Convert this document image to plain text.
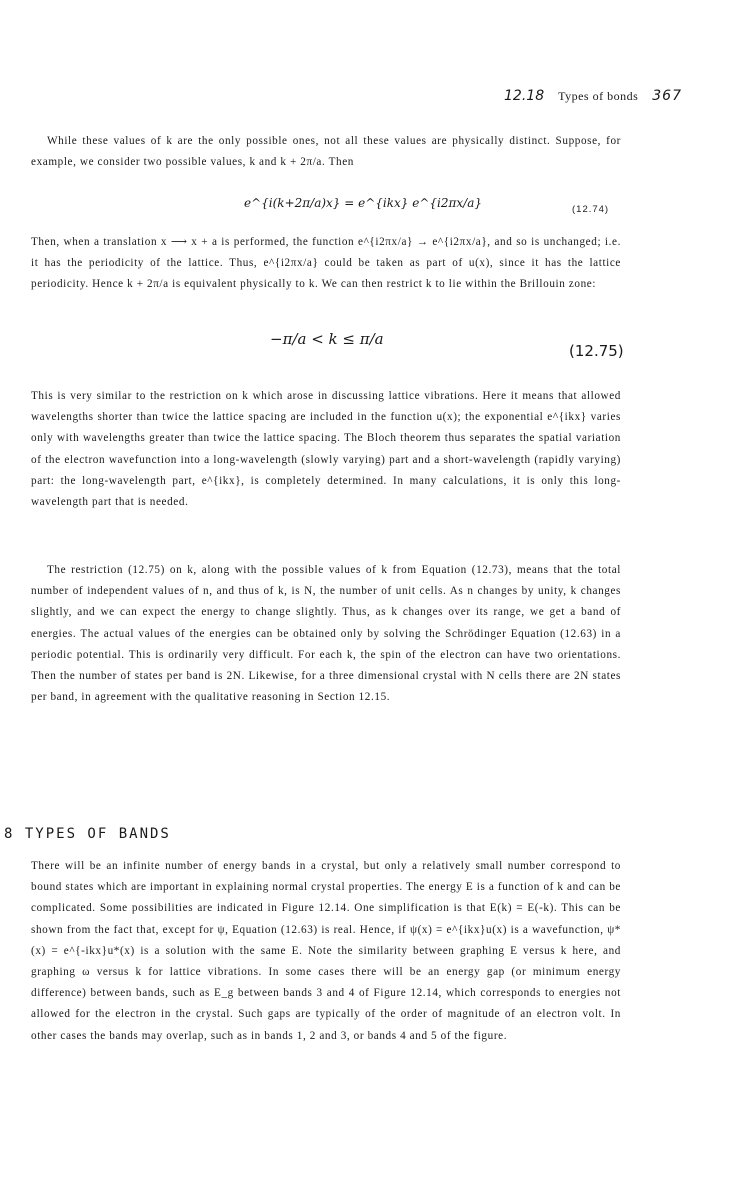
12.18 Types of bonds 367

While these values of k are the only possible ones, not all these values are physically distinct. Suppose, for example, we consider two possible values, k and k + 2π/a. Then

e^{i(k+2π/a)x} = e^{ikx} e^{i2πx/a}	(12.74)

Then, when a translation x ⟶ x + a is performed, the function e^{i2πx/a} → e^{i2πx/a}, and so is unchanged; i.e. it has the periodicity of the lattice. Thus, e^{i2πx/a} could be taken as part of u(x), since it has the lattice periodicity. Hence k + 2π/a is equivalent physically to k. We can then restrict k to lie within the Brillouin zone:

−π/a < k ≤ π/a
(12.75)

This is very similar to the restriction on k which arose in discussing lattice vibrations. Here it means that allowed wavelengths shorter than twice the lattice spacing are included in the function u(x); the exponential e^{ikx} varies only with wavelengths greater than twice the lattice spacing. The Bloch theorem thus separates the spatial variation of the electron wavefunction into a long-wavelength (slowly varying) part and a short-wavelength (rapidly varying) part: the long-wavelength part, e^{ikx}, is completely determined. In many calculations, it is only this long-wavelength part that is needed.

The restriction (12.75) on k, along with the possible values of k from Equation (12.73), means that the total number of independent values of n, and thus of k, is N, the number of unit cells. As n changes by unity, k changes slightly, and we can expect the energy to change slightly. Thus, as k changes over its range, we get a band of energies. The actual values of the energies can be obtained only by solving the Schrödinger Equation (12.63) in a periodic potential. This is ordinarily very difficult. For each k, the spin of the electron can have two orientations. Then the number of states per band is 2N. Likewise, for a three dimensional crystal with N cells there are 2N states per band, in agreement with the qualitative reasoning in Section 12.15.

8 TYPES OF BANDS

There will be an infinite number of energy bands in a crystal, but only a relatively small number correspond to bound states which are important in explaining normal crystal properties. The energy E is a function of k and can be complicated. Some possibilities are indicated in Figure 12.14. One simplification is that E(k) = E(-k). This can be shown from the fact that, except for ψ, Equation (12.63) is real. Hence, if ψ(x) = e^{ikx}u(x) is a wavefunction, ψ*(x) = e^{-ikx}u*(x) is a solution with the same E. Note the similarity between graphing E versus k here, and graphing ω versus k for lattice vibrations. In some cases there will be an energy gap (or minimum energy difference) between bands, such as E_g between bands 3 and 4 of Figure 12.14, which corresponds to energies not allowed for the electron in the crystal. Such gaps are typically of the order of magnitude of an electron volt. In other cases the bands may overlap, such as in bands 1, 2 and 3, or bands 4 and 5 of the figure.
